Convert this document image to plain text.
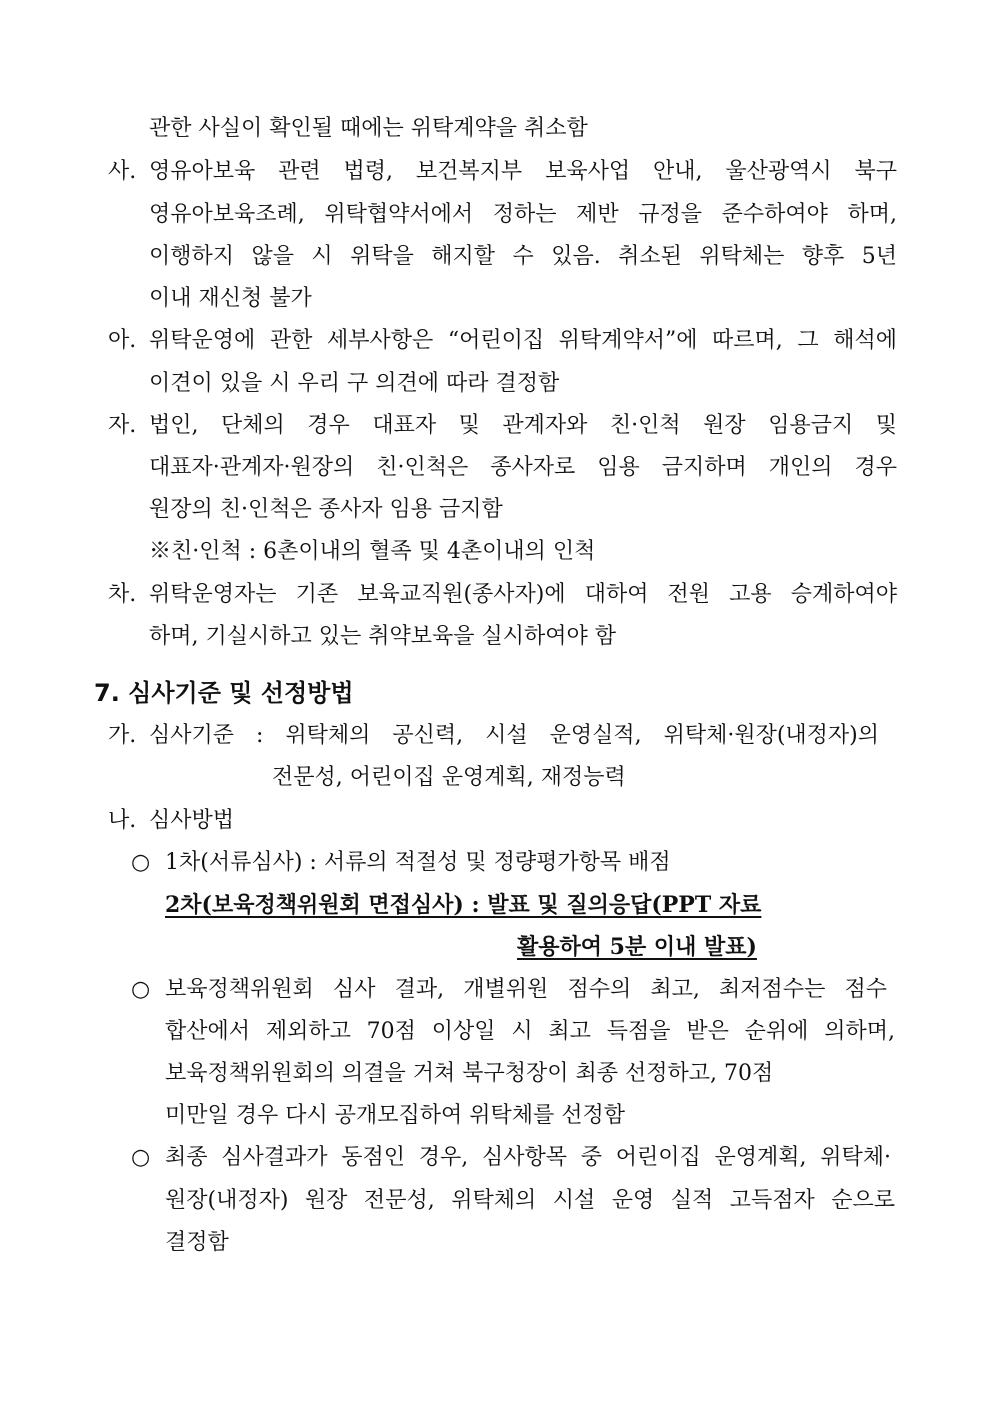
관한 사실이 확인될 때에는 위탁계약을 취소함
사. 영유아보육 관련 법령, 보건복지부 보육사업 안내, 울산광역시 북구
영유아보육조례, 위탁협약서에서 정하는 제반 규정을 준수하여야 하며,
이행하지 않을 시 위탁을 해지할 수 있음. 취소된 위탁체는 향후 5년
이내 재신청 불가
아. 위탁운영에 관한 세부사항은 “어린이집 위탁계약서”에 따르며, 그 해석에
이견이 있을 시 우리 구 의견에 따라 결정함
자. 법인, 단체의 경우 대표자 및 관계자와 친·인척 원장 임용금지 및
대표자·관계자·원장의 친·인척은 종사자로 임용 금지하며 개인의 경우
원장의 친·인척은 종사자 임용 금지함
※친·인척 : 6촌이내의 혈족 및 4촌이내의 인척
차. 위탁운영자는 기존 보육교직원(종사자)에 대하여 전원 고용 승계하여야
하며, 기실시하고 있는 취약보육을 실시하여야 함
7. 심사기준 및 선정방법
가. 심사기준 : 위탁체의 공신력, 시설 운영실적, 위탁체·원장(내정자)의
전문성, 어린이집 운영계획, 재정능력
나. 심사방법
○ 1차(서류심사) : 서류의 적절성 및 정량평가항목 배점
2차(보육정책위원회 면접심사) : 발표 및 질의응답(PPT 자료
활용하여 5분 이내 발표)
○ 보육정책위원회 심사 결과, 개별위원 점수의 최고, 최저점수는 점수
합산에서 제외하고 70점 이상일 시 최고 득점을 받은 순위에 의하며,
보육정책위원회의 의결을 거쳐 북구청장이 최종 선정하고, 70점
미만일 경우 다시 공개모집하여 위탁체를 선정함
○ 최종 심사결과가 동점인 경우, 심사항목 중 어린이집 운영계획, 위탁체·
원장(내정자) 원장 전문성, 위탁체의 시설 운영 실적 고득점자 순으로
결정함
